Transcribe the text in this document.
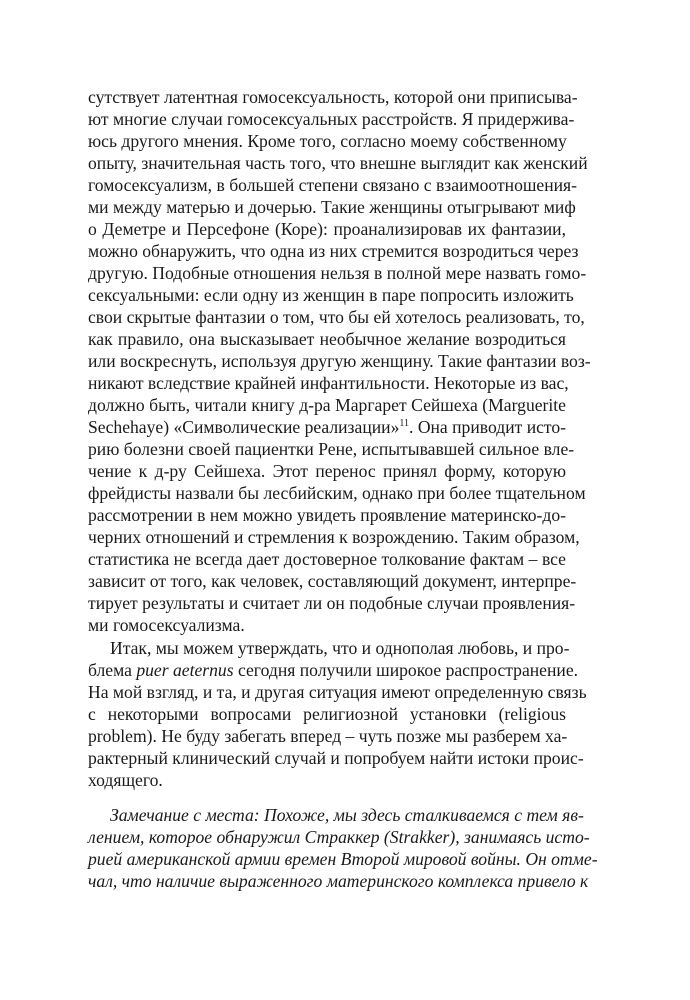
сутствует латентная гомосексуальность, которой они приписыва-
ют многие случаи гомосексуальных расстройств. Я придержива-
юсь другого мнения. Кроме того, согласно моему собственному
опыту, значительная часть того, что внешне выглядит как женский
гомосексуализм, в большей степени связано с взаимоотношения-
ми между матерью и дочерью. Такие женщины отыгрывают миф
о Деметре и Персефоне (Коре): проанализировав их фантазии,
можно обнаружить, что одна из них стремится возродиться через
другую. Подобные отношения нельзя в полной мере назвать гомо-
сексуальными: если одну из женщин в паре попросить изложить
свои скрытые фантазии о том, что бы ей хотелось реализовать, то,
как правило, она высказывает необычное желание возродиться
или воскреснуть, используя другую женщину. Такие фантазии воз-
никают вследствие крайней инфантильности. Некоторые из вас,
должно быть, читали книгу д-ра Маргарет Сейшеха (Marguerite
Sechehaye) «Символические реализации»$^{11}$. Она приводит исто-
рию болезни своей пациентки Рене, испытывавшей сильное вле-
чение к д-ру Сейшеха. Этот перенос принял форму, которую
фрейдисты назвали бы лесбийским, однако при более тщательном
рассмотрении в нем можно увидеть проявление материнско-до-
черних отношений и стремления к возрождению. Таким образом,
статистика не всегда дает достоверное толкование фактам – все
зависит от того, как человек, составляющий документ, интерпре-
тирует результаты и считает ли он подобные случаи проявления-
ми гомосексуализма.
Итак, мы можем утверждать, что и однополая любовь, и про-
блема puer aeternus сегодня получили широкое распространение.
На мой взгляд, и та, и другая ситуация имеют определенную связь
с некоторыми вопросами религиозной установки (religious
problem). Не буду забегать вперед – чуть позже мы разберем ха-
рактерный клинический случай и попробуем найти истоки проис-
ходящего.
Замечание с места: Похоже, мы здесь сталкиваемся с тем яв-
лением, которое обнаружил Страккер (Strakker), занимаясь исто-
рией американской армии времен Второй мировой войны. Он отме-
чал, что наличие выраженного материнского комплекса привело к
